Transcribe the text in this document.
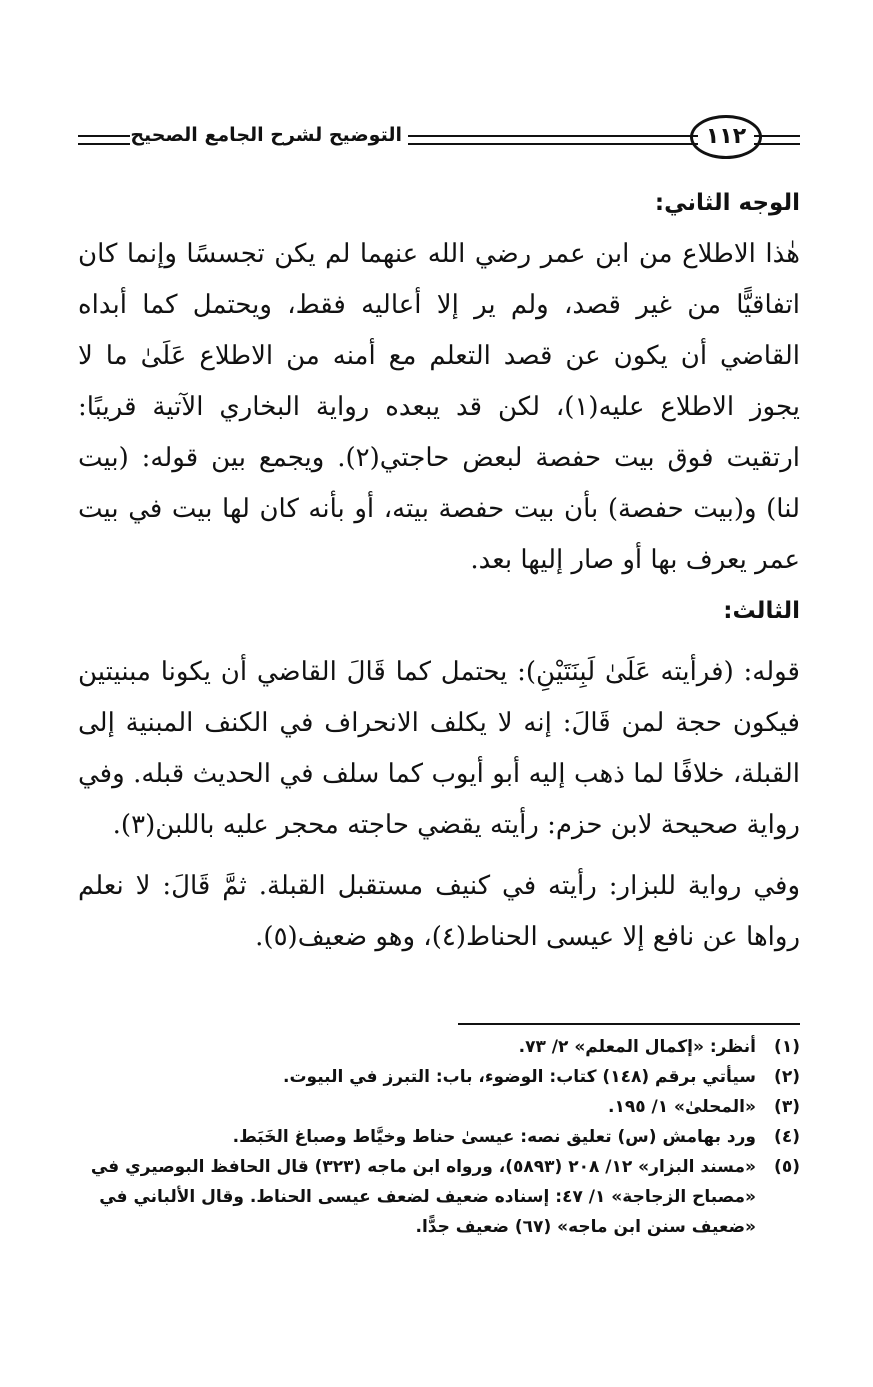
التوضيح لشرح الجامع الصحيح	١١٢

الوجه الثاني:

هٰذا الاطلاع من ابن عمر رضي الله عنهما لم يكن تجسسًا وإنما كان اتفاقيًّا من غير قصد، ولم ير إلا أعاليه فقط، ويحتمل كما أبداه القاضي أن يكون عن قصد التعلم مع أمنه من الاطلاع عَلَىٰ ما لا يجوز الاطلاع عليه(١)، لكن قد يبعده رواية البخاري الآتية قريبًا: ارتقيت فوق بيت حفصة لبعض حاجتي(٢). ويجمع بين قوله: (بيت لنا) و(بيت حفصة) بأن بيت حفصة بيته، أو بأنه كان لها بيت في بيت عمر يعرف بها أو صار إليها بعد.

الثالث:

قوله: (فرأيته عَلَىٰ لَبِنَتَيْنِ): يحتمل كما قَالَ القاضي أن يكونا مبنيتين فيكون حجة لمن قَالَ: إنه لا يكلف الانحراف في الكنف المبنية إلى القبلة، خلافًا لما ذهب إليه أبو أيوب كما سلف في الحديث قبله. وفي رواية صحيحة لابن حزم: رأيته يقضي حاجته محجر عليه باللبن(٣).

وفي رواية للبزار: رأيته في كنيف مستقبل القبلة. ثمَّ قَالَ: لا نعلم رواها عن نافع إلا عيسى الحناط(٤)، وهو ضعيف(٥).

(١)
أنظر: «إكمال المعلم» ٢/ ٧٣.
(٢)
سيأتي برقم (١٤٨) كتاب: الوضوء، باب: التبرز في البيوت.
(٣)
«المحلىٰ» ١/ ١٩٥.
(٤)
ورد بهامش (س) تعليق نصه: عيسىٰ حناط وخيَّاط وصباغ الخَبَط.
(٥)
«مسند البزار» ١٢/ ٢٠٨ (٥٨٩٣)، ورواه ابن ماجه (٣٢٣) قال الحافظ البوصيري في «مصباح الزجاجة» ١/ ٤٧: إسناده ضعيف لضعف عيسى الحناط. وقال الألباني في «ضعيف سنن ابن ماجه» (٦٧) ضعيف جدًّا.
